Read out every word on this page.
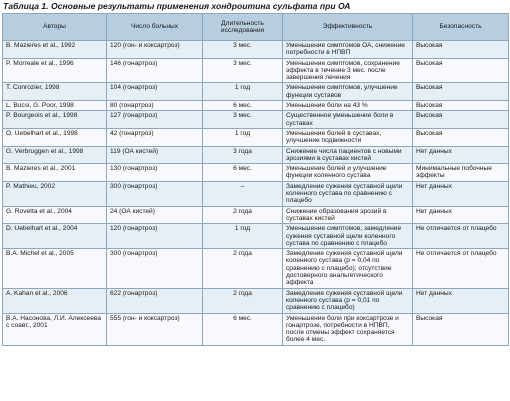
Таблица 1. Основные результаты применения хондроитина сульфата при ОА
Авторы	Число больных	Длительность исследования	Эффективность	Безопасность
B. Mazieres et al., 1992	120 (гон- и коксартроз)	3 мес.	Уменьшение симптомов ОА, снижение потребности в НПВП	Высокая
P. Morreale et al., 1996	146 (гонартроз)	3 мес.	Уменьшение симптомов, сохранение эффекта в течение 3 мес. после завершения лечения	Высокая
T. Conrozier, 1998	104 (гонартроз)	1 год	Уменьшение симптомов, улучшение функции суставов	Высокая
L. Bucsi, G. Poor, 1998	80 (гонартроз)	6 мес.	Уменьшение боли на 43 %	Высокая
P. Bourgeois et al., 1998	127 (гонартроз)	3 мес.	Существенное уменьшение боли в суставах	Высокая
O. Uebelhart et al., 1998	42 (гонартроз)	1 год	Уменьшение болей в суставах, улучшение подвижности	Высокая
G. Verbruggen et al., 1998	119 (ОА кистей)	3 года	Снижение числа пациентов с новыми эрозиями в суставах кистей	Нет данных
B. Mazieres et al., 2001	130 (гонартроз)	6 мес.	Уменьшение болей и улучшение функции коленного сустава	Минимальные побочные эффекты
P. Mathieu, 2002	300 (гонартроз)	–	Замедление сужения суставной щели коленного сустава по сравнению с плацебо	Нет данных
G. Rovetta et al., 2004	24 (ОА кистей)	2 года	Снижение образования эрозий в суставах кистей	Нет данных
D. Uebelhart et al., 2004	120 (гонартроз)	1 год	Уменьшение симптомов, замедление сужения суставной щели коленного сустава по сравнению с плацебо	Не отличается от плацебо
B.A. Michel et al., 2005	300 (гонартроз)	2 года	Замедление сужения суставной щели коленного сустава (р = 0,04 по сравнению с плацебо); отсутствие достоверного анальгетического эффекта	Не отличается от плацебо
A. Kahan et al., 2006	622 (гонартроз)	2 года	Замедление сужения суставной щели коленного сустава (р = 0,01 по сравнению с плацебо)	Нет данных
В.А. Насонова, Л.И. Алексеева с соавт., 2001	555 (гон- и коксартроз)	6 мес.	Уменьшение боли при коксартрозе и гонартрозе, потребности в НПВП, после отмены эффект сохраняется более 4 мес.	Высокая
